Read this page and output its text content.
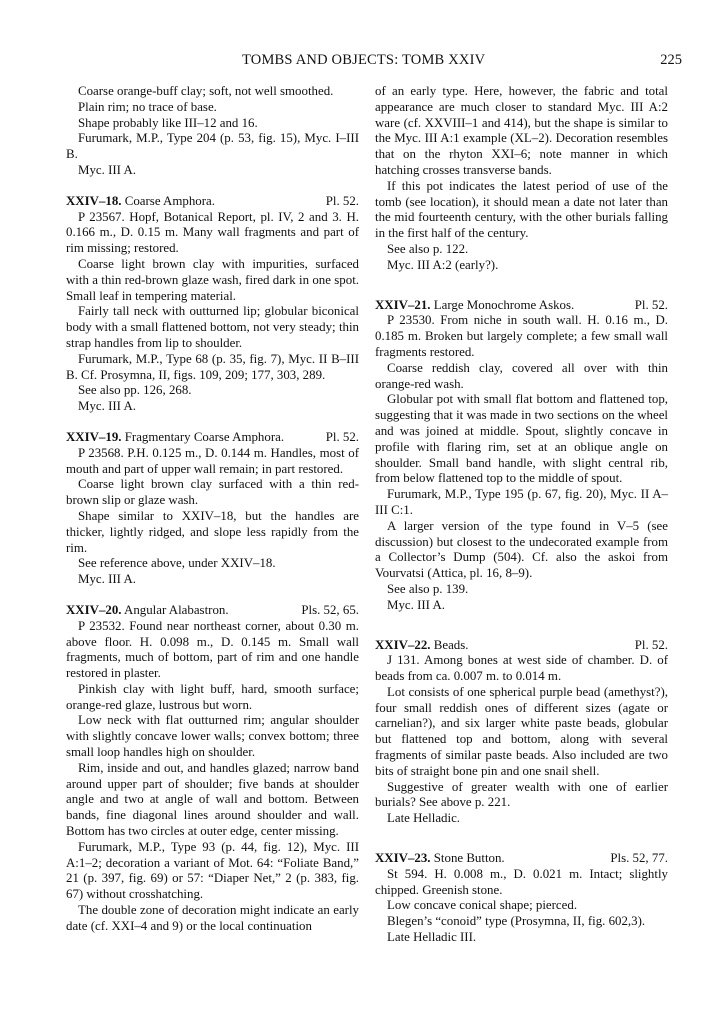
TOMBS AND OBJECTS: TOMB XXIV	225

Coarse orange-buff clay; soft, not well smoothed.

Plain rim; no trace of base.

Shape probably like III–12 and 16.

Furumark, M.P., Type 204 (p. 53, fig. 15), Myc. I–III B.

Myc. III A.

XXIV–18. Coarse Amphora.	Pl. 52.

P 23567. Hopf, Botanical Report, pl. IV, 2 and 3. H. 0.166 m., D. 0.15 m. Many wall fragments and part of rim missing; restored.

Coarse light brown clay with impurities, surfaced with a thin red-brown glaze wash, fired dark in one spot. Small leaf in tempering material.

Fairly tall neck with outturned lip; globular biconical body with a small flattened bottom, not very steady; thin strap handles from lip to shoulder.

Furumark, M.P., Type 68 (p. 35, fig. 7), Myc. II B–III B. Cf. Prosymna, II, figs. 109, 209; 177, 303, 289.

See also pp. 126, 268.

Myc. III A.

XXIV–19. Fragmentary Coarse Amphora.	Pl. 52.

P 23568. P.H. 0.125 m., D. 0.144 m. Handles, most of mouth and part of upper wall remain; in part restored.

Coarse light brown clay surfaced with a thin red-brown slip or glaze wash.

Shape similar to XXIV–18, but the handles are thicker, lightly ridged, and slope less rapidly from the rim.

See reference above, under XXIV–18.

Myc. III A.

XXIV–20. Angular Alabastron.	Pls. 52, 65.

P 23532. Found near northeast corner, about 0.30 m. above floor. H. 0.098 m., D. 0.145 m. Small wall fragments, much of bottom, part of rim and one handle restored in plaster.

Pinkish clay with light buff, hard, smooth surface; orange-red glaze, lustrous but worn.

Low neck with flat outturned rim; angular shoulder with slightly concave lower walls; convex bottom; three small loop handles high on shoulder.

Rim, inside and out, and handles glazed; narrow band around upper part of shoulder; five bands at shoulder angle and two at angle of wall and bottom. Between bands, fine diagonal lines around shoulder and wall. Bottom has two circles at outer edge, center missing.

Furumark, M.P., Type 93 (p. 44, fig. 12), Myc. III A:1–2; decoration a variant of Mot. 64: “Foliate Band,” 21 (p. 397, fig. 69) or 57: “Diaper Net,” 2 (p. 383, fig. 67) without crosshatching.

The double zone of decoration might indicate an early date (cf. XXI–4 and 9) or the local continuation

of an early type. Here, however, the fabric and total appearance are much closer to standard Myc. III A:2 ware (cf. XXVIII–1 and 414), but the shape is similar to the Myc. III A:1 example (XL–2). Decoration resembles that on the rhyton XXI–6; note manner in which hatching crosses transverse bands.

If this pot indicates the latest period of use of the tomb (see location), it should mean a date not later than the mid fourteenth century, with the other burials falling in the first half of the century.

See also p. 122.

Myc. III A:2 (early?).

XXIV–21. Large Monochrome Askos.	Pl. 52.

P 23530. From niche in south wall. H. 0.16 m., D. 0.185 m. Broken but largely complete; a few small wall fragments restored.

Coarse reddish clay, covered all over with thin orange-red wash.

Globular pot with small flat bottom and flattened top, suggesting that it was made in two sections on the wheel and was joined at middle. Spout, slightly concave in profile with flaring rim, set at an oblique angle on shoulder. Small band handle, with slight central rib, from below flattened top to the middle of spout.

Furumark, M.P., Type 195 (p. 67, fig. 20), Myc. II A–III C:1.

A larger version of the type found in V–5 (see discussion) but closest to the undecorated example from a Collector’s Dump (504). Cf. also the askoi from Vourvatsi (Attica, pl. 16, 8–9).

See also p. 139.

Myc. III A.

XXIV–22. Beads.	Pl. 52.

J 131. Among bones at west side of chamber. D. of beads from ca. 0.007 m. to 0.014 m.

Lot consists of one spherical purple bead (amethyst?), four small reddish ones of different sizes (agate or carnelian?), and six larger white paste beads, globular but flattened top and bottom, along with several fragments of similar paste beads. Also included are two bits of straight bone pin and one snail shell.

Suggestive of greater wealth with one of earlier burials? See above p. 221.

Late Helladic.

XXIV–23. Stone Button.	Pls. 52, 77.

St 594. H. 0.008 m., D. 0.021 m. Intact; slightly chipped. Greenish stone.

Low concave conical shape; pierced.

Blegen’s “conoid” type (Prosymna, II, fig. 602,3).

Late Helladic III.
